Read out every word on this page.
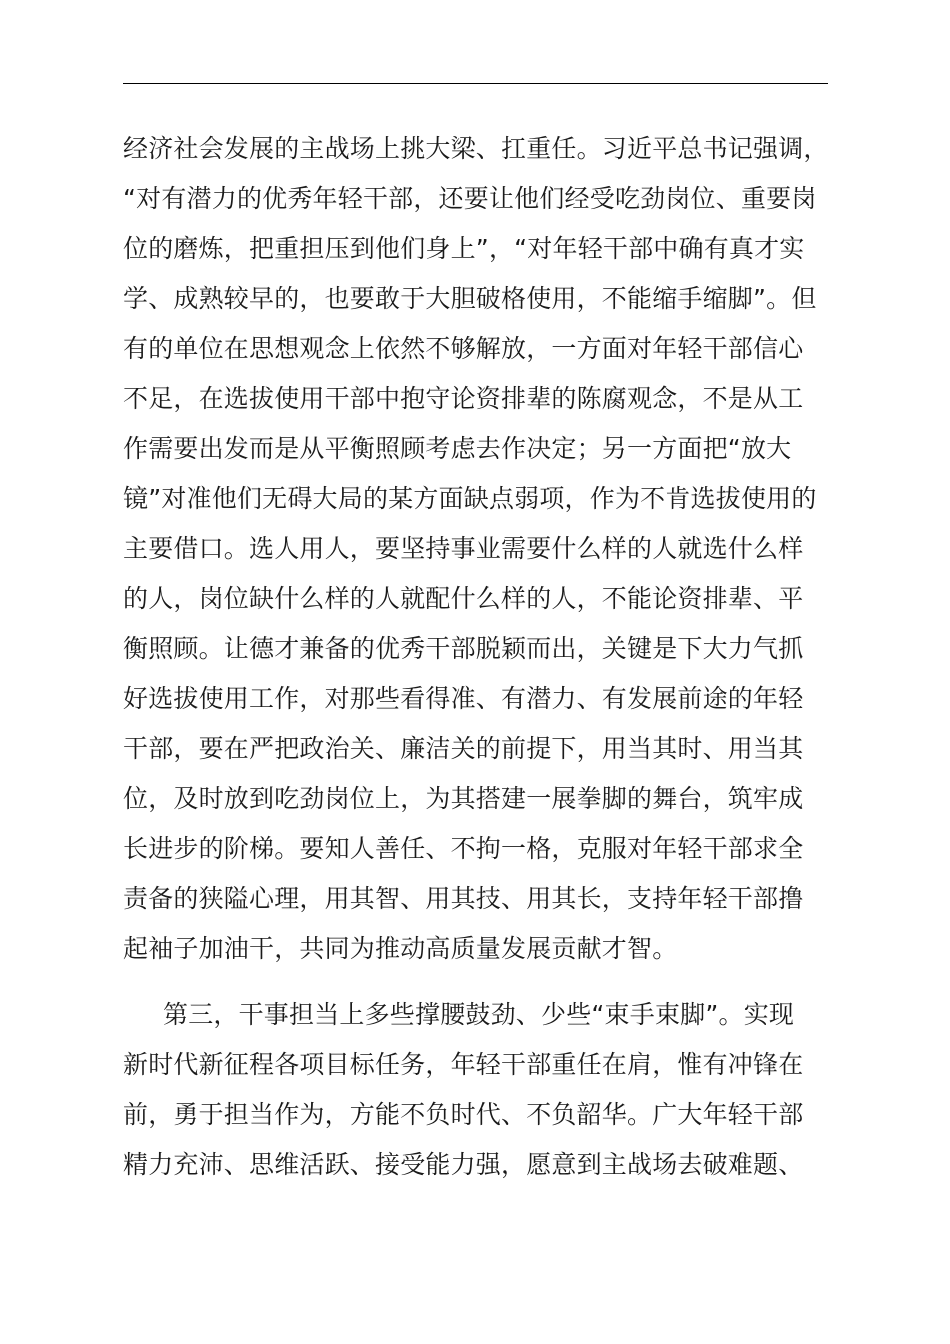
经济社会发展的主战场上挑大梁、扛重任。习近平总书记强调，
“对有潜力的优秀年轻干部，还要让他们经受吃劲岗位、重要岗
位的磨炼，把重担压到他们身上”，“对年轻干部中确有真才实
学、成熟较早的，也要敢于大胆破格使用，不能缩手缩脚”。但
有的单位在思想观念上依然不够解放，一方面对年轻干部信心
不足，在选拔使用干部中抱守论资排辈的陈腐观念，不是从工
作需要出发而是从平衡照顾考虑去作决定；另一方面把“放大
镜”对准他们无碍大局的某方面缺点弱项，作为不肯选拔使用的
主要借口。选人用人，要坚持事业需要什么样的人就选什么样
的人，岗位缺什么样的人就配什么样的人，不能论资排辈、平
衡照顾。让德才兼备的优秀干部脱颖而出，关键是下大力气抓
好选拔使用工作，对那些看得准、有潜力、有发展前途的年轻
干部，要在严把政治关、廉洁关的前提下，用当其时、用当其
位，及时放到吃劲岗位上，为其搭建一展拳脚的舞台，筑牢成
长进步的阶梯。要知人善任、不拘一格，克服对年轻干部求全
责备的狭隘心理，用其智、用其技、用其长，支持年轻干部撸
起袖子加油干，共同为推动高质量发展贡献才智。
第三，干事担当上多些撑腰鼓劲、少些“束手束脚”。实现
新时代新征程各项目标任务，年轻干部重任在肩，惟有冲锋在
前，勇于担当作为，方能不负时代、不负韶华。广大年轻干部
精力充沛、思维活跃、接受能力强，愿意到主战场去破难题、
